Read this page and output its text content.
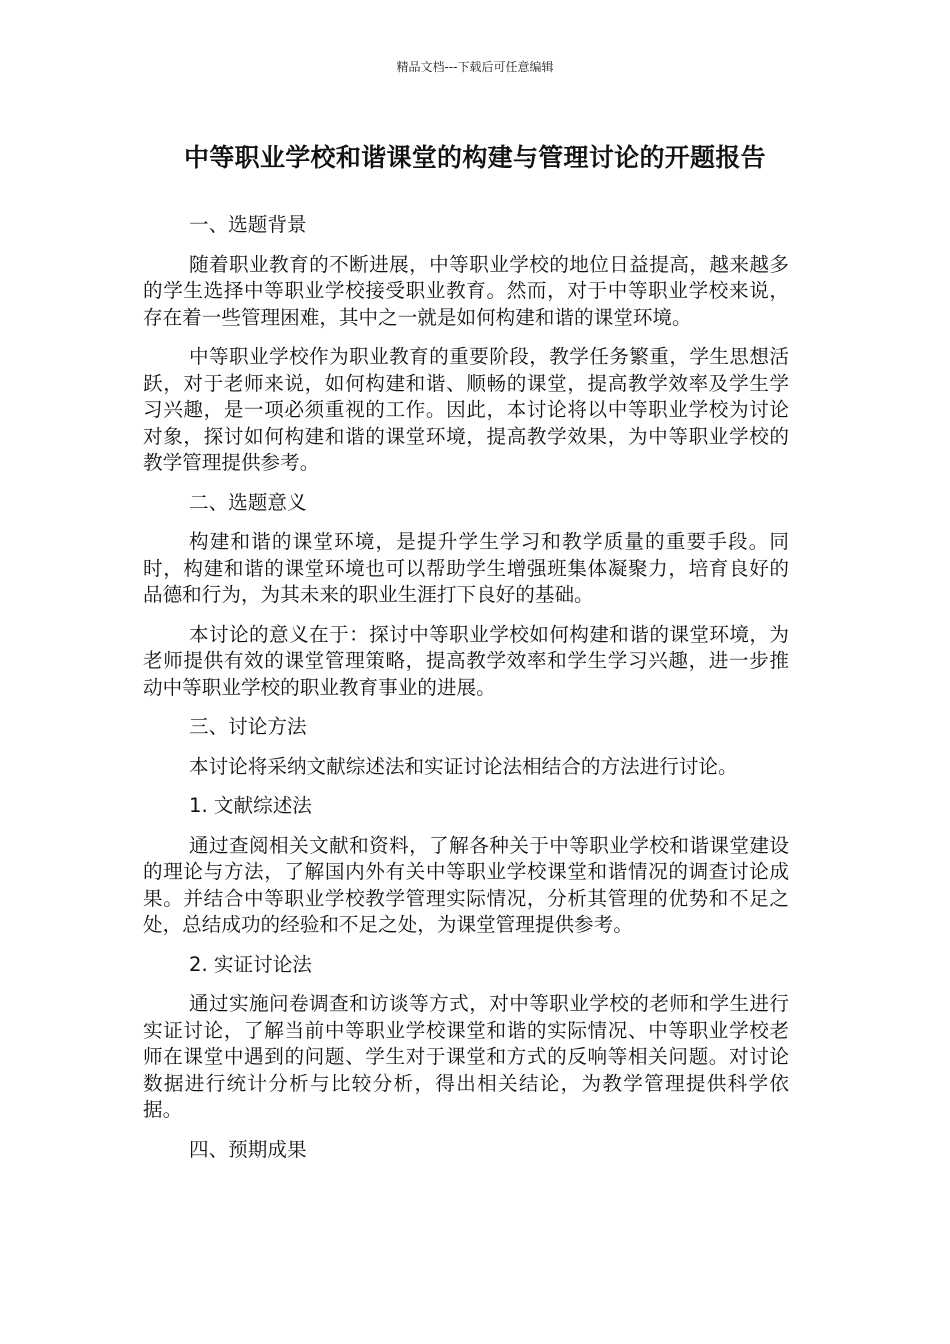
精品文档---下载后可任意编辑
中等职业学校和谐课堂的构建与管理讨论的开题报告
一、选题背景

随着职业教育的不断进展，中等职业学校的地位日益提高，越来越多的学生选择中等职业学校接受职业教育。然而，对于中等职业学校来说，存在着一些管理困难，其中之一就是如何构建和谐的课堂环境。

中等职业学校作为职业教育的重要阶段，教学任务繁重，学生思想活跃，对于老师来说，如何构建和谐、顺畅的课堂，提高教学效率及学生学习兴趣，是一项必须重视的工作。因此，本讨论将以中等职业学校为讨论对象，探讨如何构建和谐的课堂环境，提高教学效果，为中等职业学校的教学管理提供参考。

二、选题意义

构建和谐的课堂环境，是提升学生学习和教学质量的重要手段。同时，构建和谐的课堂环境也可以帮助学生增强班集体凝聚力，培育良好的品德和行为，为其未来的职业生涯打下良好的基础。

本讨论的意义在于：探讨中等职业学校如何构建和谐的课堂环境，为老师提供有效的课堂管理策略，提高教学效率和学生学习兴趣，进一步推动中等职业学校的职业教育事业的进展。

三、讨论方法

本讨论将采纳文献综述法和实证讨论法相结合的方法进行讨论。

1. 文献综述法

通过查阅相关文献和资料，了解各种关于中等职业学校和谐课堂建设的理论与方法，了解国内外有关中等职业学校课堂和谐情况的调查讨论成果。并结合中等职业学校教学管理实际情况，分析其管理的优势和不足之处，总结成功的经验和不足之处，为课堂管理提供参考。

2. 实证讨论法

通过实施问卷调查和访谈等方式，对中等职业学校的老师和学生进行实证讨论，了解当前中等职业学校课堂和谐的实际情况、中等职业学校老师在课堂中遇到的问题、学生对于课堂和方式的反响等相关问题。对讨论数据进行统计分析与比较分析，得出相关结论，为教学管理提供科学依据。

四、预期成果
